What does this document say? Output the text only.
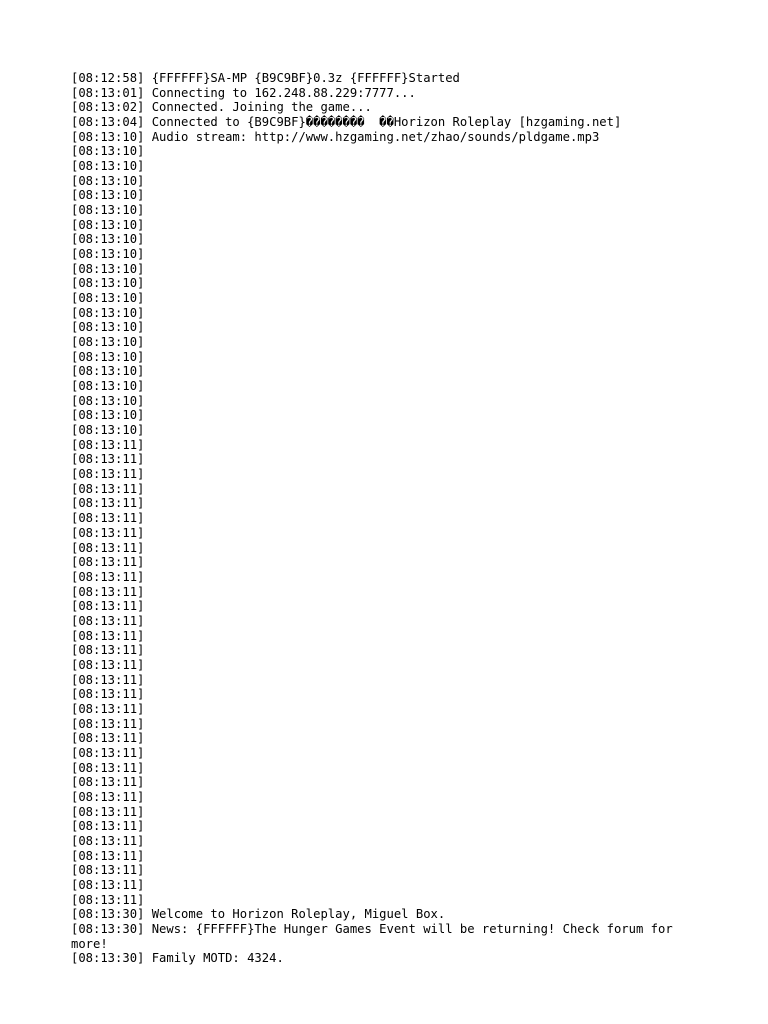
[08:12:58] {FFFFFF}SA-MP {B9C9BF}0.3z {FFFFFF}Started
[08:13:01] Connecting to 162.248.88.229:7777...
[08:13:02] Connected. Joining the game...
[08:13:04] Connected to {B9C9BF}��������  ��Horizon Roleplay [hzgaming.net]
[08:13:10] Audio stream: http://www.hzgaming.net/zhao/sounds/pldgame.mp3
[08:13:10]
[08:13:10]
[08:13:10]
[08:13:10]
[08:13:10]
[08:13:10]
[08:13:10]
[08:13:10]
[08:13:10]
[08:13:10]
[08:13:10]
[08:13:10]
[08:13:10]
[08:13:10]
[08:13:10]
[08:13:10]
[08:13:10]
[08:13:10]
[08:13:10]
[08:13:10]
[08:13:11]
[08:13:11]
[08:13:11]
[08:13:11]
[08:13:11]
[08:13:11]
[08:13:11]
[08:13:11]
[08:13:11]
[08:13:11]
[08:13:11]
[08:13:11]
[08:13:11]
[08:13:11]
[08:13:11]
[08:13:11]
[08:13:11]
[08:13:11]
[08:13:11]
[08:13:11]
[08:13:11]
[08:13:11]
[08:13:11]
[08:13:11]
[08:13:11]
[08:13:11]
[08:13:11]
[08:13:11]
[08:13:11]
[08:13:11]
[08:13:11]
[08:13:11]
[08:13:30] Welcome to Horizon Roleplay, Miguel Box.
[08:13:30] News: {FFFFFF}The Hunger Games Event will be returning! Check forum for more!
[08:13:30] Family MOTD: 4324.
